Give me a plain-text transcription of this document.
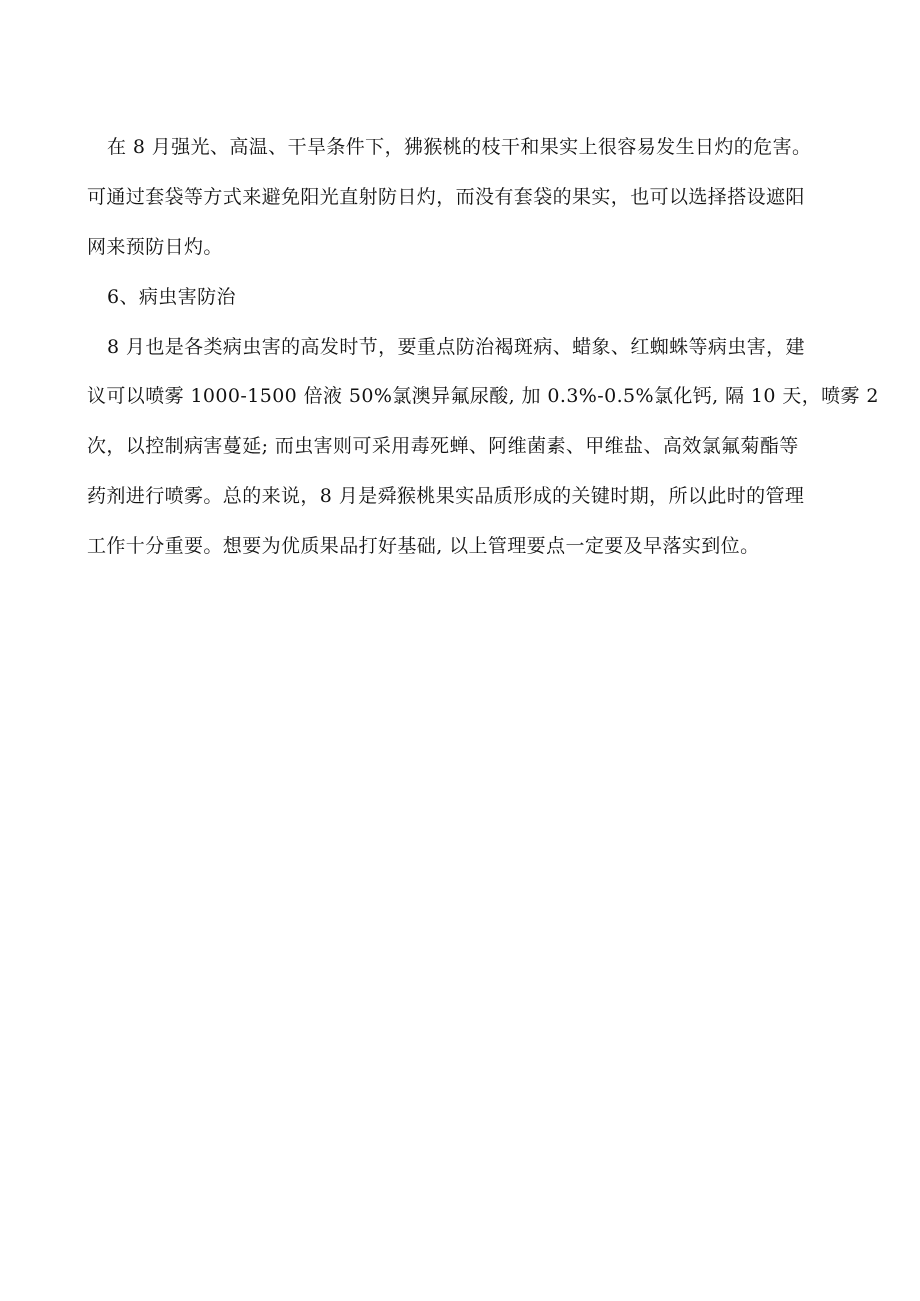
在 8 月强光、高温、干旱条件下，狒猴桃的枝干和果实上很容易发生日灼的危害。
可通过套袋等方式来避免阳光直射防日灼，而没有套袋的果实，也可以选择搭设遮阳
网来预防日灼。
6、病虫害防治
8 月也是各类病虫害的高发时节，要重点防治褐斑病、蜡象、红蜘蛛等病虫害，建
议可以喷雾 1000-1500 倍液 50%氯澳异氟尿酸, 加 0.3%-0.5%氯化钙, 隔 10 天，喷雾 2
次，以控制病害蔓延; 而虫害则可采用毒死蝉、阿维菌素、甲维盐、高效氯氟菊酯等
药剂进行喷雾。总的来说，8 月是舜猴桃果实品质形成的关键时期，所以此时的管理
工作十分重要。想要为优质果品打好基础, 以上管理要点一定要及早落实到位。
